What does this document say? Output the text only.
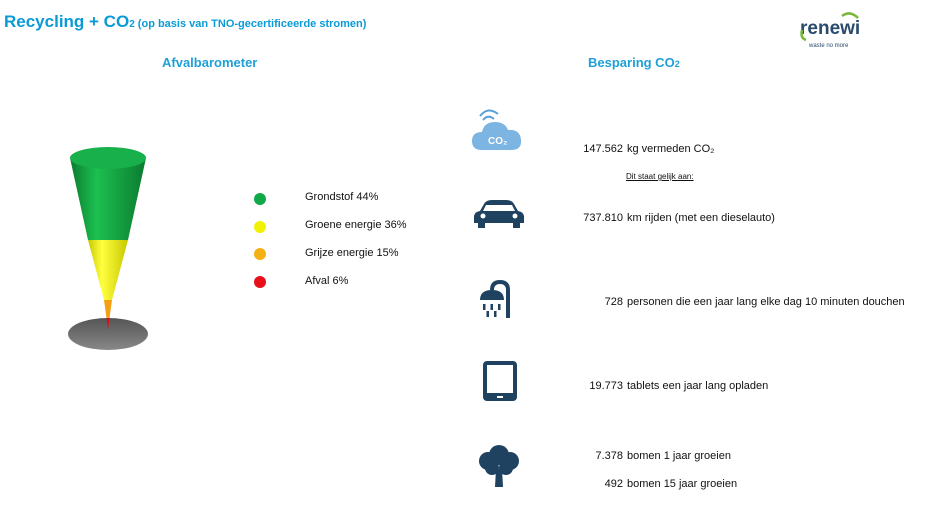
Recycling + CO2 (op basis van TNO-gecertificeerde stromen)	renewi
waste no more
Afvalbarometer	Besparing CO2
Grondstof 44%
Groene energie 36%
Grijze energie 15%
Afval 6%
CO₂
147.562 kg vermeden CO₂
Dit staat gelijk aan:
737.810 km rijden (met een dieselauto)
728 personen die een jaar lang elke dag 10 minuten douchen
19.773 tablets een jaar lang opladen
7.378 bomen 1 jaar groeien
492 bomen 15 jaar groeien
